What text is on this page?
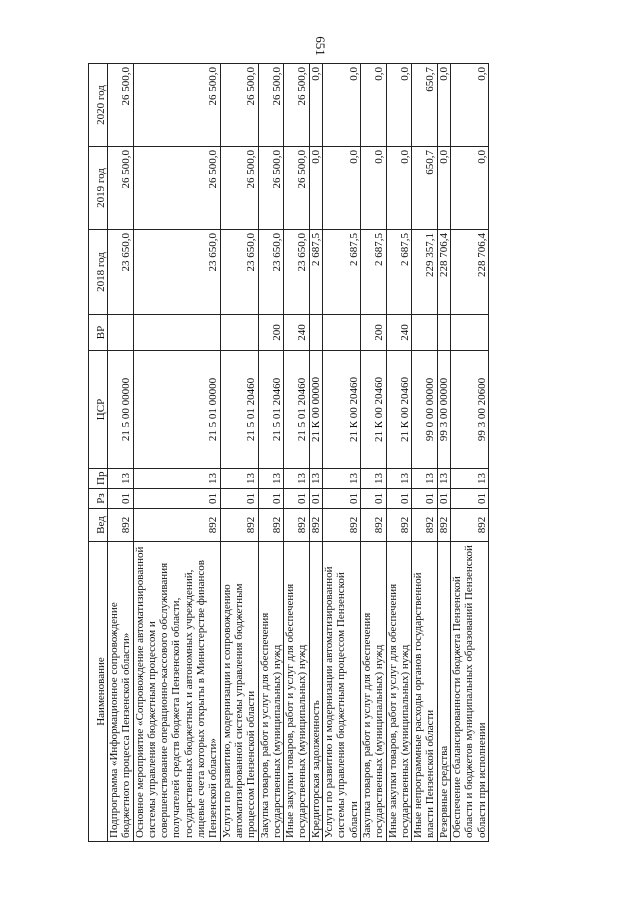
651
Наименование	Вед	Рз	Пр	ЦСР	ВР	2018 год	2019 год	2020 год
Подпрограмма «Информационное сопровождение бюджетного процесса Пензенской области»	892	01	13	21 5 00 00000		23 650,0	26 500,0	26 500,0
Основное мероприятие «Сопровождение автоматизированной системы управления бюджетным процессом и совершенствование операционно-кассового обслуживания получателей средств бюджета Пензенской области, государственных бюджетных и автономных учреждений, лицевые счета которых открыты в Министерстве финансов Пензенской области»	892	01	13	21 5 01 00000		23 650,0	26 500,0	26 500,0
Услуги по развитию, модернизации и сопровождению автоматизированной системы управления бюджетным процессом Пензенской области	892	01	13	21 5 01 20460		23 650,0	26 500,0	26 500,0
Закупка товаров, работ и услуг для обеспечения государственных (муниципальных) нужд	892	01	13	21 5 01 20460	200	23 650,0	26 500,0	26 500,0
Иные закупки товаров, работ и услуг для обеспечения государственных (муниципальных) нужд	892	01	13	21 5 01 20460	240	23 650,0	26 500,0	26 500,0
Кредиторская задолженность	892	01	13	21 К 00 00000		2 687,5	0,0	0,0
Услуги по развитию и модернизации автоматизированной системы управления бюджетным процессом Пензенской области	892	01	13	21 К 00 20460		2 687,5	0,0	0,0
Закупка товаров, работ и услуг для обеспечения государственных (муниципальных) нужд	892	01	13	21 К 00 20460	200	2 687,5	0,0	0,0
Иные закупки товаров, работ и услуг для обеспечения государственных (муниципальных) нужд	892	01	13	21 К 00 20460	240	2 687,5	0,0	0,0
Иные непрограммные расходы органов государственной власти Пензенской области	892	01	13	99 0 00 00000		229 357,1	650,7	650,7
Резервные средства	892	01	13	99 3 00 00000		228 706,4	0,0	0,0
Обеспечение сбалансированности бюджета Пензенской области и бюджетов муниципальных образований Пензенской области при исполнении	892	01	13	99 3 00 20600		228 706,4	0,0	0,0
